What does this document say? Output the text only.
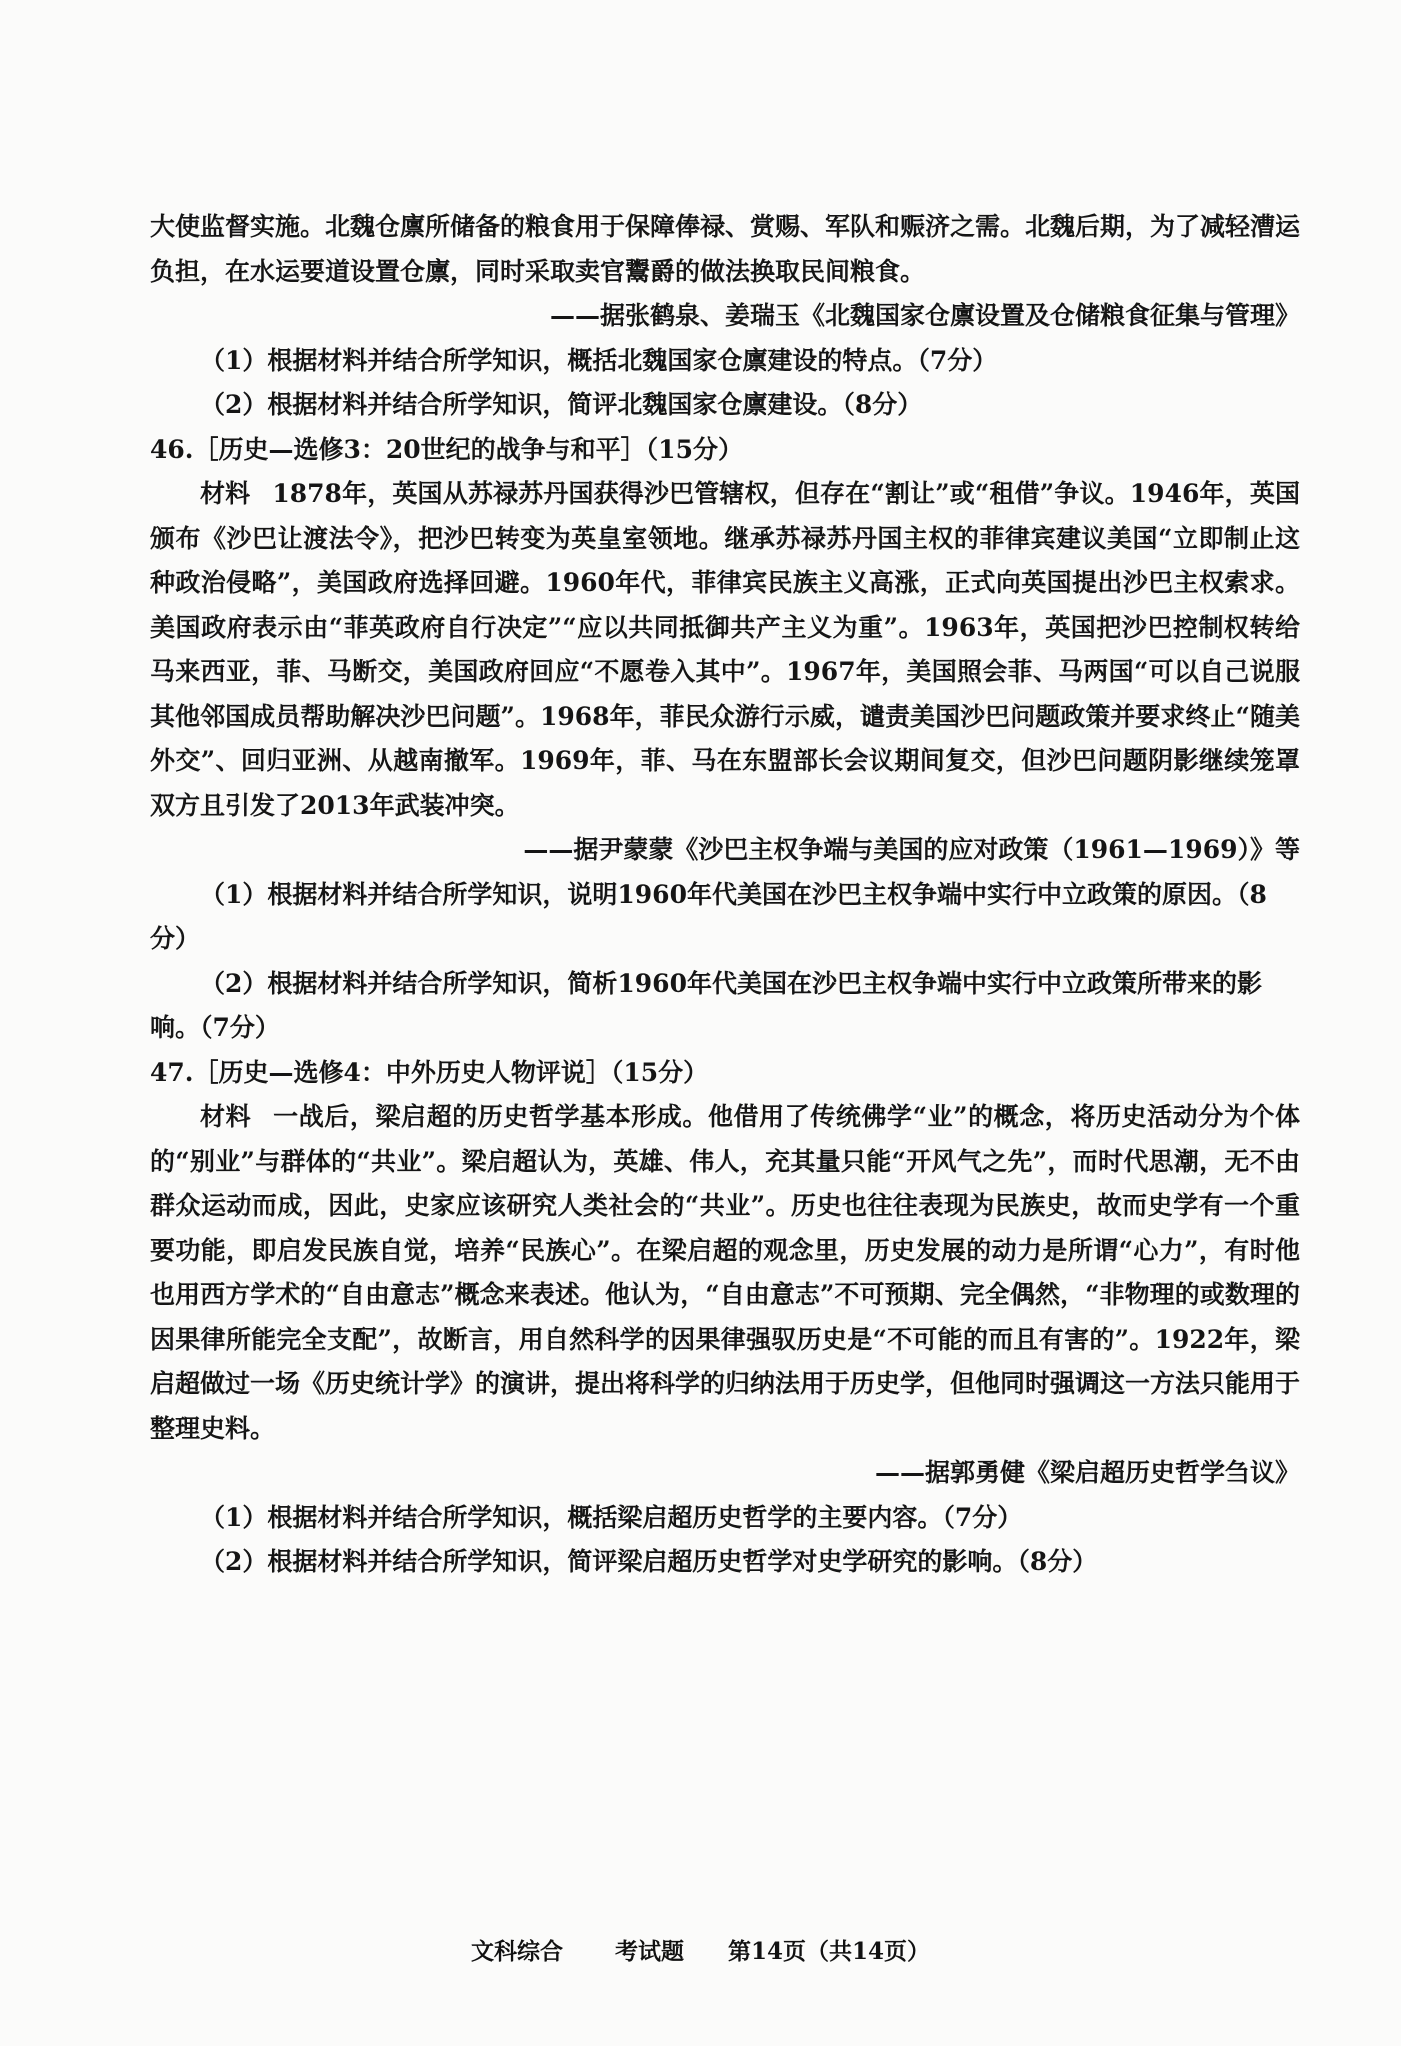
大使监督实施。北魏仓廪所储备的粮食用于保障俸禄、赏赐、军队和赈济之需。北魏后期，为了减轻漕运负担，在水运要道设置仓廪，同时采取卖官鬻爵的做法换取民间粮食。

——据张鹤泉、姜瑞玉《北魏国家仓廪设置及仓储粮食征集与管理》

（1）根据材料并结合所学知识，概括北魏国家仓廪建设的特点。（7分）

（2）根据材料并结合所学知识，简评北魏国家仓廪建设。（8分）

46.［历史—选修3：20世纪的战争与和平］（15分）

材料 1878年，英国从苏禄苏丹国获得沙巴管辖权，但存在“割让”或“租借”争议。1946年，英国颁布《沙巴让渡法令》，把沙巴转变为英皇室领地。继承苏禄苏丹国主权的菲律宾建议美国“立即制止这种政治侵略”，美国政府选择回避。1960年代，菲律宾民族主义高涨，正式向英国提出沙巴主权索求。美国政府表示由“菲英政府自行决定”“应以共同抵御共产主义为重”。1963年，英国把沙巴控制权转给马来西亚，菲、马断交，美国政府回应“不愿卷入其中”。1967年，美国照会菲、马两国“可以自己说服其他邻国成员帮助解决沙巴问题”。1968年，菲民众游行示威，谴责美国沙巴问题政策并要求终止“随美外交”、回归亚洲、从越南撤军。1969年，菲、马在东盟部长会议期间复交，但沙巴问题阴影继续笼罩双方且引发了2013年武装冲突。

——据尹蒙蒙《沙巴主权争端与美国的应对政策（1961—1969）》等

（1）根据材料并结合所学知识，说明1960年代美国在沙巴主权争端中实行中立政策的原因。（8分）

（2）根据材料并结合所学知识，简析1960年代美国在沙巴主权争端中实行中立政策所带来的影响。（7分）

47.［历史—选修4：中外历史人物评说］（15分）

材料 一战后，梁启超的历史哲学基本形成。他借用了传统佛学“业”的概念，将历史活动分为个体的“别业”与群体的“共业”。梁启超认为，英雄、伟人，充其量只能“开风气之先”，而时代思潮，无不由群众运动而成，因此，史家应该研究人类社会的“共业”。历史也往往表现为民族史，故而史学有一个重要功能，即启发民族自觉，培养“民族心”。在梁启超的观念里，历史发展的动力是所谓“心力”，有时他也用西方学术的“自由意志”概念来表述。他认为，“自由意志”不可预期、完全偶然，“非物理的或数理的因果律所能完全支配”，故断言，用自然科学的因果律强驭历史是“不可能的而且有害的”。1922年，梁启超做过一场《历史统计学》的演讲，提出将科学的归纳法用于历史学，但他同时强调这一方法只能用于整理史料。

——据郭勇健《梁启超历史哲学刍议》

（1）根据材料并结合所学知识，概括梁启超历史哲学的主要内容。（7分）

（2）根据材料并结合所学知识，简评梁启超历史哲学对史学研究的影响。（8分）

文科综合 考试题 第14页（共14页）
